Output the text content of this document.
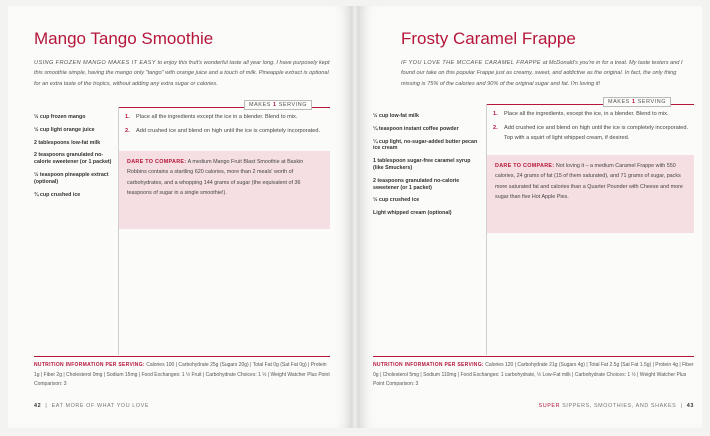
Mango Tango Smoothie
USING FROZEN MANGO MAKES IT EASY to enjoy this fruit's wonderful taste all year long. I have purposely kept this smoothie simple, having the mango only "tango" with orange juice and a touch of milk. Pineapple extract is optional for an extra taste of the tropics, without adding any extra sugar or calories.
MAKES 1 SERVING
½ cup frozen mango
½ cup light orange juice
2 tablespoons low-fat milk
2 teaspoons granulated no-calorie sweetener (or 1 packet)
½ teaspoon pineapple extract (optional)
¾ cup crushed ice
1. Place all the ingredients except the ice in a blender. Blend to mix.
2. Add crushed ice and blend on high until the ice is completely incorporated.
DARE TO COMPARE: A medium Mango Fruit Blast Smoothie at Baskin Robbins contains a startling 620 calories, more than 2 meals' worth of carbohydrates, and a whopping 144 grams of sugar (the equivalent of 36 teaspoons of sugar in a single smoothie!).
NUTRITION INFORMATION PER SERVING: Calories 100 | Carbohydrate 25g (Sugars 20g) | Total Fat 0g (Sat Fat 0g) | Protein 1g | Fiber 2g | Cholesterol 0mg | Sodium 15mg | Food Exchanges: 1 ½ Fruit | Carbohydrate Choices: 1 ½ | Weight Watcher Plus Point Comparison: 3
42  |  EAT MORE OF WHAT YOU LOVE
Frosty Caramel Frappe
IF YOU LOVE THE MCCAFE CARAMEL FRAPPE at McDonald's you're in for a treat. My taste testers and I found our take on this popular Frappe just as creamy, sweet, and addictive as the original. In fact, the only thing missing is 75% of the calories and 90% of the original sugar and fat. I'm loving it!
MAKES 1 SERVING
½ cup low-fat milk
¼ teaspoon instant coffee powder
¼ cup light, no-sugar-added butter pecan ice cream
1 tablespoon sugar-free caramel syrup (like Smuckers)
2 teaspoons granulated no-calorie sweetener (or 1 packet)
½ cup crushed ice
Light whipped cream (optional)
1. Place all the ingredients, except the ice, in a blender. Blend to mix.
2. Add crushed ice and blend on high until the ice is completely incorporated. Top with a squirt of light whipped cream, if desired.
DARE TO COMPARE: Not loving it – a medium Caramel Frappe with 550 calories, 24 grams of fat (15 of them saturated), and 71 grams of sugar, packs more saturated fat and calories than a Quarter Pounder with Cheese and more sugar than five Hot Apple Pies.
NUTRITION INFORMATION PER SERVING: Calories 120 | Carbohydrate 21g (Sugars 4g) | Total Fat 2.5g (Sat Fat 1.5g) | Protein 4g | Fiber 0g | Cholesterol 5mg | Sodium 110mg | Food Exchanges: 1 carbohydrate, ½ Low-Fat milk | Carbohydrate Choices: 1 ½ | Weight Watcher Plus Point Comparison: 3
SUPER SIPPERS, SMOOTHIES, AND SHAKES  |  43
